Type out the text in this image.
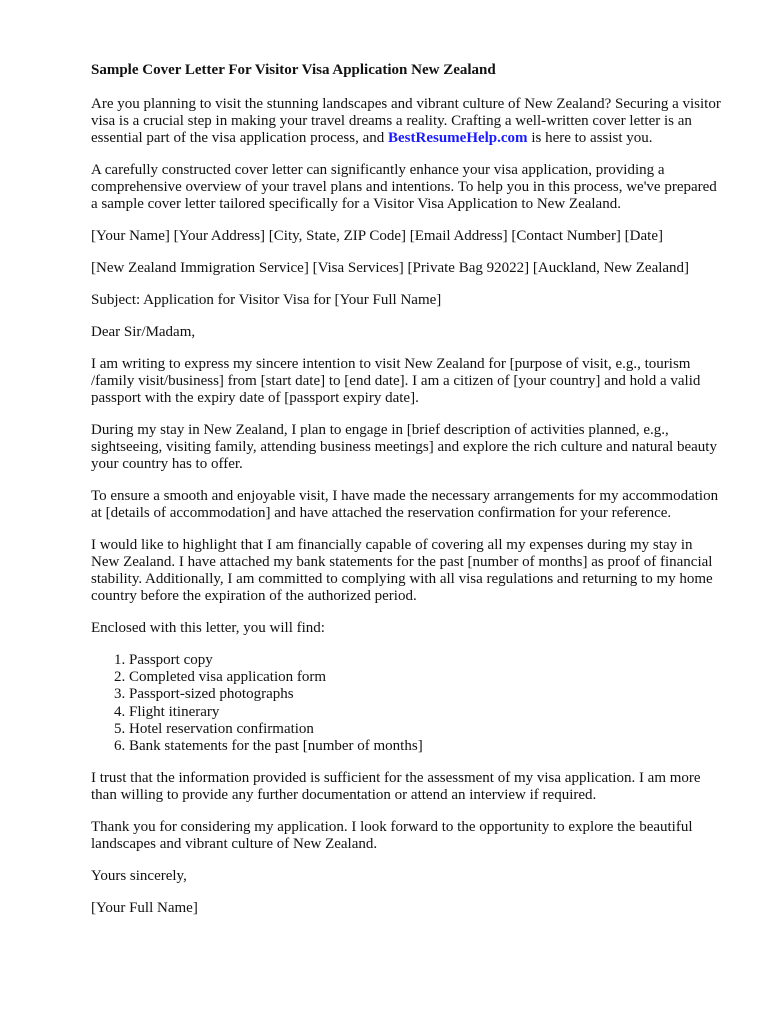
Sample Cover Letter For Visitor Visa Application New Zealand

Are you planning to visit the stunning landscapes and vibrant culture of New Zealand? Securing a visitor visa is a crucial step in making your travel dreams a reality. Crafting a well-written cover letter is an essential part of the visa application process, and BestResumeHelp.com is here to assist you.

A carefully constructed cover letter can significantly enhance your visa application, providing a comprehensive overview of your travel plans and intentions. To help you in this process, we've prepared a sample cover letter tailored specifically for a Visitor Visa Application to New Zealand.

[Your Name] [Your Address] [City, State, ZIP Code] [Email Address] [Contact Number] [Date]

[New Zealand Immigration Service] [Visa Services] [Private Bag 92022] [Auckland, New Zealand]

Subject: Application for Visitor Visa for [Your Full Name]

Dear Sir/Madam,

I am writing to express my sincere intention to visit New Zealand for [purpose of visit, e.g., tourism /family visit/business] from [start date] to [end date]. I am a citizen of [your country] and hold a valid passport with the expiry date of [passport expiry date].

During my stay in New Zealand, I plan to engage in [brief description of activities planned, e.g., sightseeing, visiting family, attending business meetings] and explore the rich culture and natural beauty your country has to offer.

To ensure a smooth and enjoyable visit, I have made the necessary arrangements for my accommodation at [details of accommodation] and have attached the reservation confirmation for your reference.

I would like to highlight that I am financially capable of covering all my expenses during my stay in New Zealand. I have attached my bank statements for the past [number of months] as proof of financial stability. Additionally, I am committed to complying with all visa regulations and returning to my home country before the expiration of the authorized period.

Enclosed with this letter, you will find:

1. Passport copy
2. Completed visa application form
3. Passport-sized photographs
4. Flight itinerary
5. Hotel reservation confirmation
6. Bank statements for the past [number of months]

I trust that the information provided is sufficient for the assessment of my visa application. I am more than willing to provide any further documentation or attend an interview if required.

Thank you for considering my application. I look forward to the opportunity to explore the beautiful landscapes and vibrant culture of New Zealand.

Yours sincerely,

[Your Full Name]
